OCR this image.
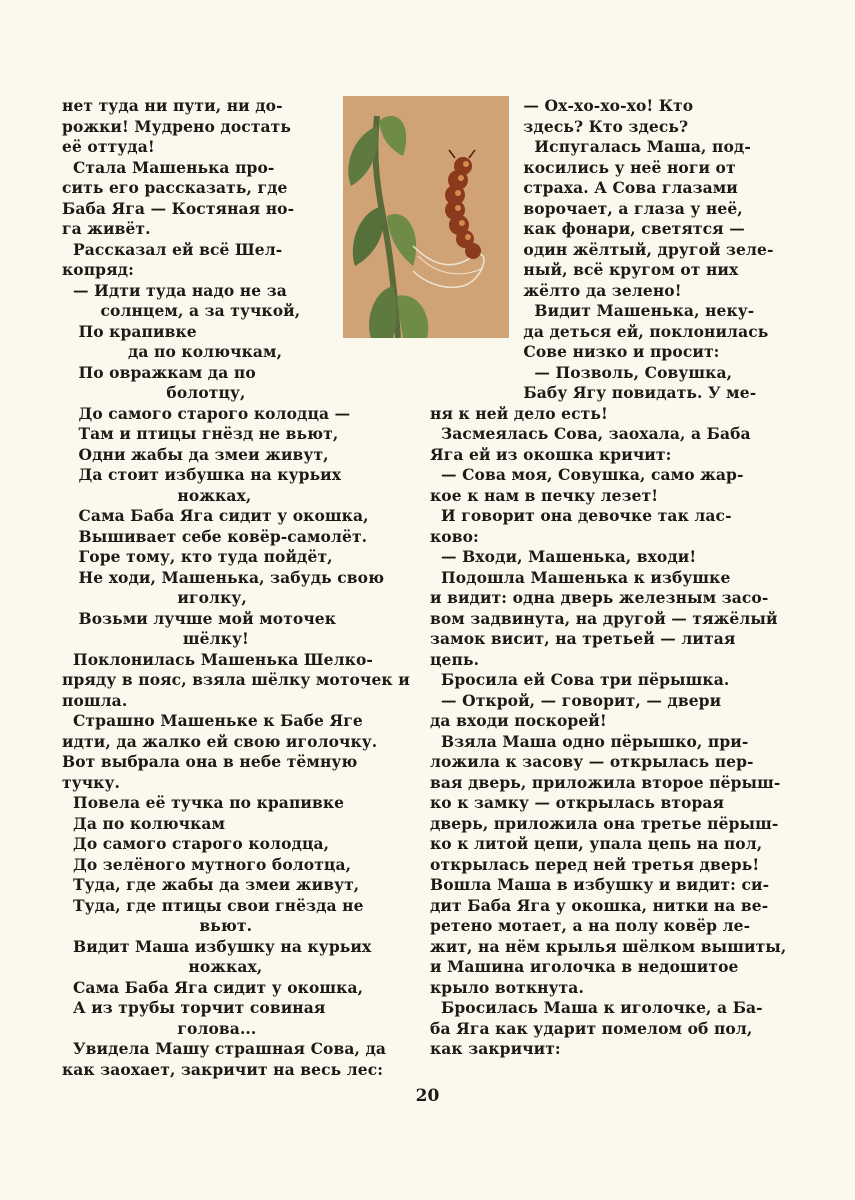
нет туда ни пути, ни до-
рожки! Мудрено достать
её оттуда!
Стала Машенька про-
сить его рассказать, где
Баба Яга — Костяная но-
га живёт.
Рассказал ей всё Шел-
копряд:
— Идти туда надо не за
солнцем, а за тучкой,
По крапивке
да по колючкам,
По овражкам да по
болотцу,
До самого старого колодца —
Там и птицы гнёзд не вьют,
Одни жабы да змеи живут,
Да стоит избушка на курьих
ножках,
Сама Баба Яга сидит у окошка,
Вышивает себе ковёр-самолёт.
Горе тому, кто туда пойдёт,
Не ходи, Машенька, забудь свою
иголку,
Возьми лучше мой моточек
шёлку!
Поклонилась Машенька Шелко-
пряду в пояс, взяла шёлку моточек и
пошла.
Страшно Машеньке к Бабе Яге
идти, да жалко ей свою иголочку.
Вот выбрала она в небе тёмную
тучку.
Повела её тучка по крапивке
Да по колючкам
До самого старого колодца,
До зелёного мутного болотца,
Туда, где жабы да змеи живут,
Туда, где птицы свои гнёзда не
вьют.
Видит Маша избушку на курьих
ножках,
Сама Баба Яга сидит у окошка,
А из трубы торчит совиная
голова...
Увидела Машу страшная Сова, да
как заохает, закричит на весь лес:
— Ох-хо-хо-хо! Кто
здесь? Кто здесь?
Испугалась Маша, под-
косились у неё ноги от
страха. А Сова глазами
ворочает, а глаза у неё,
как фонари, светятся —
один жёлтый, другой зеле-
ный, всё кругом от них
жёлто да зелено!
Видит Машенька, неку-
да деться ей, поклонилась
Сове низко и просит:
— Позволь, Совушка,
Бабу Ягу повидать. У ме-
ня к ней дело есть!
Засмеялась Сова, заохала, а Баба
Яга ей из окошка кричит:
— Сова моя, Совушка, само жар-
кое к нам в печку лезет!
И говорит она девочке так лас-
ково:
— Входи, Машенька, входи!
Подошла Машенька к избушке
и видит: одна дверь железным засо-
вом задвинута, на другой — тяжёлый
замок висит, на третьей — литая
цепь.
Бросила ей Сова три пёрышка.
— Открой, — говорит, — двери
да входи поскорей!
Взяла Маша одно пёрышко, при-
ложила к засову — открылась пер-
вая дверь, приложила второе пёрыш-
ко к замку — открылась вторая
дверь, приложила она третье пёрыш-
ко к литой цепи, упала цепь на пол,
открылась перед ней третья дверь!
Вошла Маша в избушку и видит: си-
дит Баба Яга у окошка, нитки на ве-
ретено мотает, а на полу ковёр ле-
жит, на нём крылья шёлком вышиты,
и Машина иголочка в недошитое
крыло воткнута.
Бросилась Маша к иголочке, а Ба-
ба Яга как ударит помелом об пол,
как закричит:
20
